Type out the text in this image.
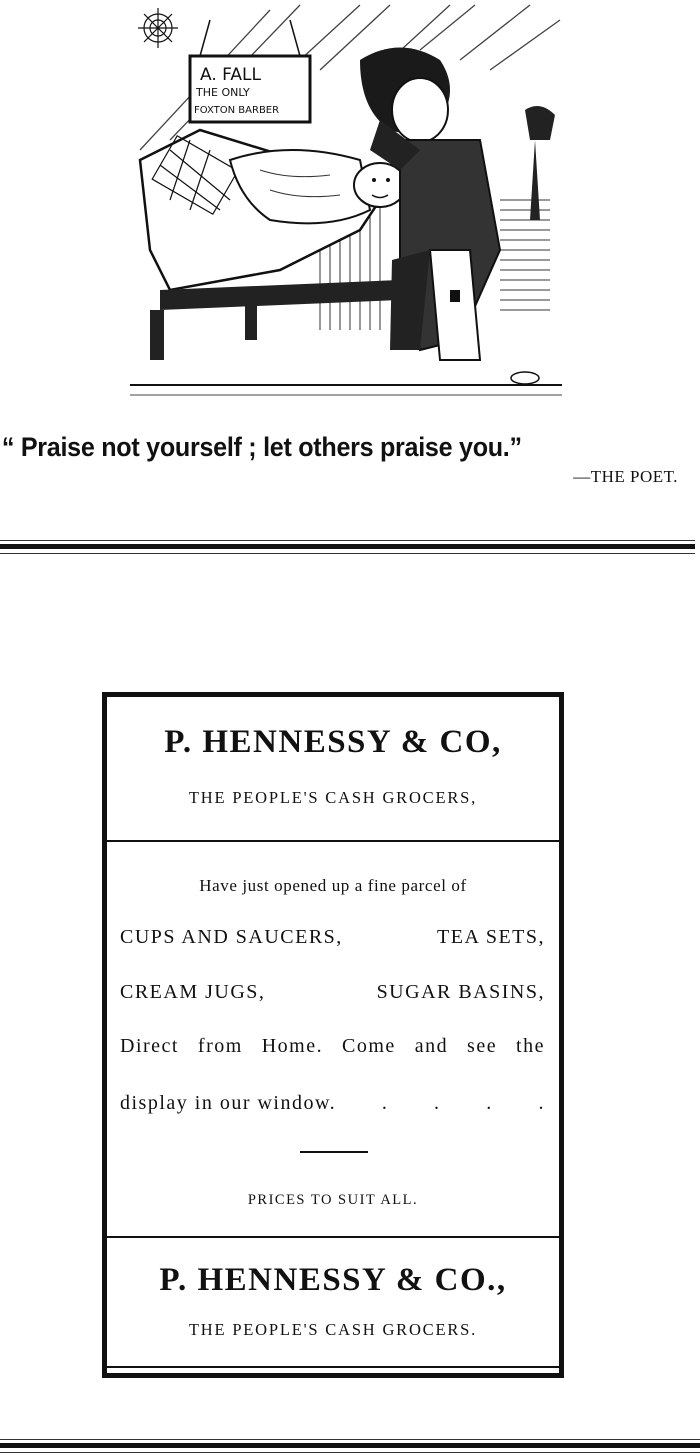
A. FALL
THE ONLY
FOXTON BARBER
“ Praise not yourself ; let others praise you.”
—THE POET.
P. HENNESSY & CO,
THE PEOPLE'S CASH GROCERS,
Have just opened up a fine parcel of
CUPS AND SAUCERS,	TEA SETS,
CREAM JUGS,	SUGAR BASINS,
Direct from Home. Come and see the
display in our window. . . . .
PRICES TO SUIT ALL.
P. HENNESSY & CO.,
THE PEOPLE'S CASH GROCERS.
